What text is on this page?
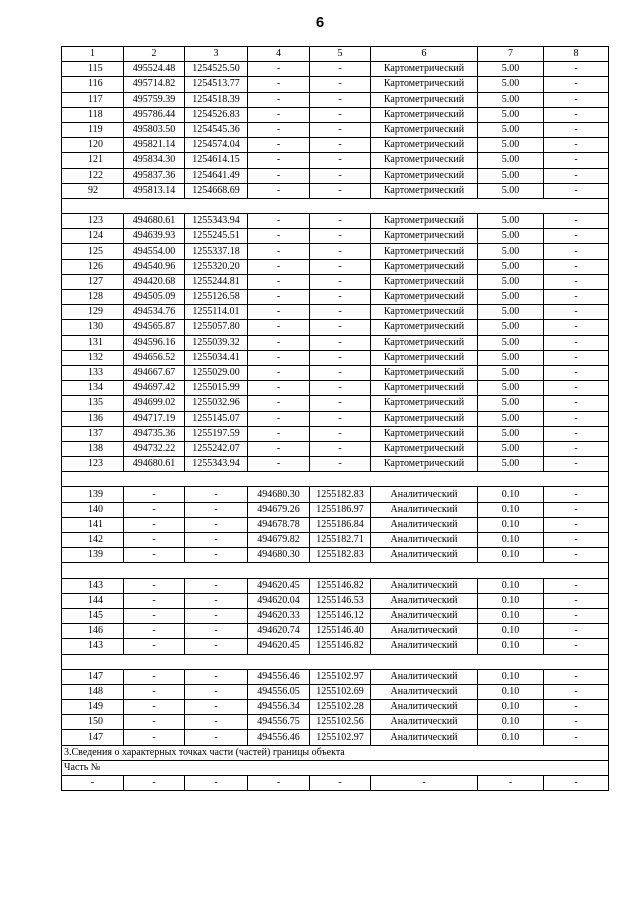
6
1	2	3	4	5	6	7	8
115	495524.48	1254525.50	-	-	Картометрический	5.00	-
116	495714.82	1254513.77	-	-	Картометрический	5.00	-
117	495759.39	1254518.39	-	-	Картометрический	5.00	-
118	495786.44	1254526.83	-	-	Картометрический	5.00	-
119	495803.50	1254545.36	-	-	Картометрический	5.00	-
120	495821.14	1254574.04	-	-	Картометрический	5.00	-
121	495834.30	1254614.15	-	-	Картометрический	5.00	-
122	495837.36	1254641.49	-	-	Картометрический	5.00	-
92	495813.14	1254668.69	-	-	Картометрический	5.00	-

123	494680.61	1255343.94	-	-	Картометрический	5.00	-
124	494639.93	1255245.51	-	-	Картометрический	5.00	-
125	494554.00	1255337.18	-	-	Картометрический	5.00	-
126	494540.96	1255320.20	-	-	Картометрический	5.00	-
127	494420.68	1255244.81	-	-	Картометрический	5.00	-
128	494505.09	1255126.58	-	-	Картометрический	5.00	-
129	494534.76	1255114.01	-	-	Картометрический	5.00	-
130	494565.87	1255057.80	-	-	Картометрический	5.00	-
131	494596.16	1255039.32	-	-	Картометрический	5.00	-
132	494656.52	1255034.41	-	-	Картометрический	5.00	-
133	494667.67	1255029.00	-	-	Картометрический	5.00	-
134	494697.42	1255015.99	-	-	Картометрический	5.00	-
135	494699.02	1255032.96	-	-	Картометрический	5.00	-
136	494717.19	1255145.07	-	-	Картометрический	5.00	-
137	494735.36	1255197.59	-	-	Картометрический	5.00	-
138	494732.22	1255242.07	-	-	Картометрический	5.00	-
123	494680.61	1255343.94	-	-	Картометрический	5.00	-

139	-	-	494680.30	1255182.83	Аналитический	0.10	-
140	-	-	494679.26	1255186.97	Аналитический	0.10	-
141	-	-	494678.78	1255186.84	Аналитический	0.10	-
142	-	-	494679.82	1255182.71	Аналитический	0.10	-
139	-	-	494680.30	1255182.83	Аналитический	0.10	-

143	-	-	494620.45	1255146.82	Аналитический	0.10	-
144	-	-	494620.04	1255146.53	Аналитический	0.10	-
145	-	-	494620.33	1255146.12	Аналитический	0.10	-
146	-	-	494620.74	1255146.40	Аналитический	0.10	-
143	-	-	494620.45	1255146.82	Аналитический	0.10	-

147	-	-	494556.46	1255102.97	Аналитический	0.10	-
148	-	-	494556.05	1255102.69	Аналитический	0.10	-
149	-	-	494556.34	1255102.28	Аналитический	0.10	-
150	-	-	494556.75	1255102.56	Аналитический	0.10	-
147	-	-	494556.46	1255102.97	Аналитический	0.10	-
3.Сведения о характерных точках части (частей) границы объекта							
Часть №							
-	-	-	-	-	-	-	-
